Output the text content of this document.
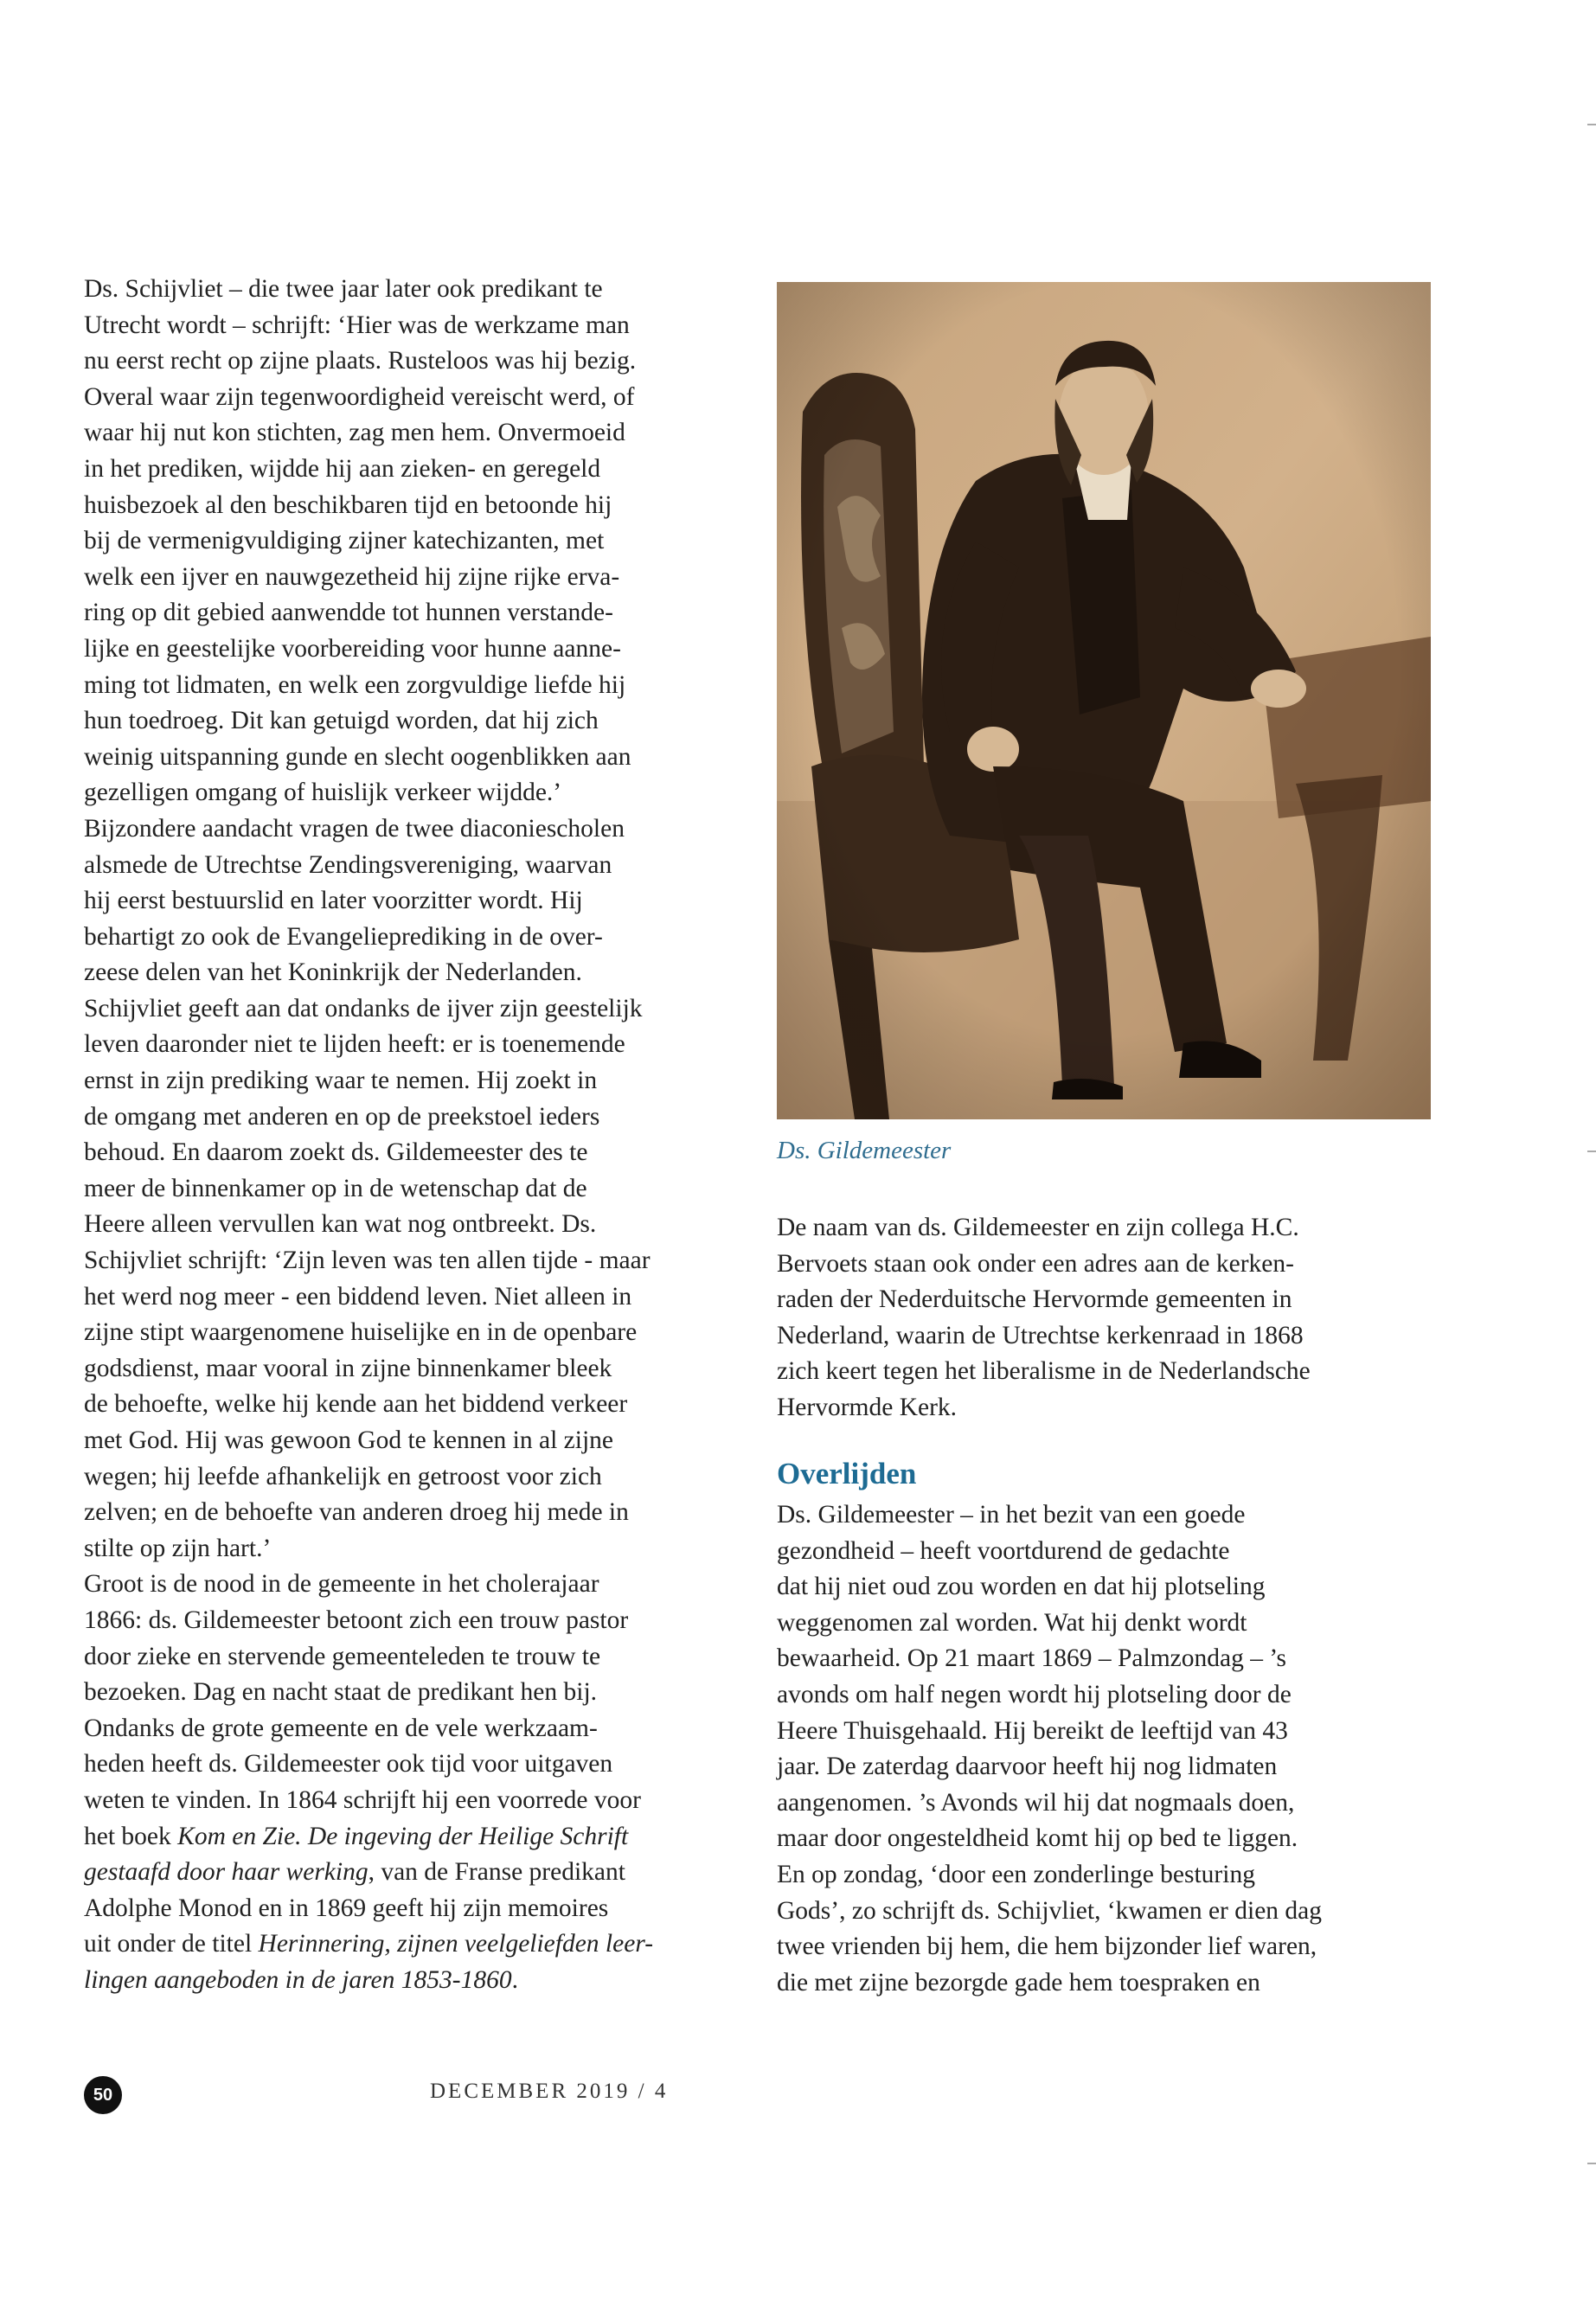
Ds. Schijvliet – die twee jaar later ook predikant te
Utrecht wordt – schrijft: ‘Hier was de werkzame man
nu eerst recht op zijne plaats. Rusteloos was hij bezig.
Overal waar zijn tegenwoordigheid vereischt werd, of
waar hij nut kon stichten, zag men hem. Onvermoeid
in het prediken, wijdde hij aan zieken- en geregeld
huisbezoek al den beschikbaren tijd en betoonde hij
bij de vermenigvuldiging zijner katechizanten, met
welk een ijver en nauwgezetheid hij zijne rijke erva-
ring op dit gebied aanwendde tot hunnen verstande-
lijke en geestelijke voorbereiding voor hunne aanne-
ming tot lidmaten, en welk een zorgvuldige liefde hij
hun toedroeg. Dit kan getuigd worden, dat hij zich
weinig uitspanning gunde en slecht oogenblikken aan
gezelligen omgang of huislijk verkeer wijdde.’
Bijzondere aandacht vragen de twee diaconiescholen
alsmede de Utrechtse Zendingsvereniging, waarvan
hij eerst bestuurslid en later voorzitter wordt. Hij
behartigt zo ook de Evangelieprediking in de over-
zeese delen van het Koninkrijk der Nederlanden.
Schijvliet geeft aan dat ondanks de ijver zijn geestelijk
leven daaronder niet te lijden heeft: er is toenemende
ernst in zijn prediking waar te nemen. Hij zoekt in
de omgang met anderen en op de preekstoel ieders
behoud. En daarom zoekt ds. Gildemeester des te
meer de binnenkamer op in de wetenschap dat de
Heere alleen vervullen kan wat nog ontbreekt. Ds.
Schijvliet schrijft: ‘Zijn leven was ten allen tijde - maar
het werd nog meer - een biddend leven. Niet alleen in
zijne stipt waargenomene huiselijke en in de openbare
godsdienst, maar vooral in zijne binnenkamer bleek
de behoefte, welke hij kende aan het biddend verkeer
met God. Hij was gewoon God te kennen in al zijne
wegen; hij leefde afhankelijk en getroost voor zich
zelven; en de behoefte van anderen droeg hij mede in
stilte op zijn hart.’
Groot is de nood in de gemeente in het cholerajaar
1866: ds. Gildemeester betoont zich een trouw pastor
door zieke en stervende gemeenteleden te trouw te
bezoeken. Dag en nacht staat de predikant hen bij.
Ondanks de grote gemeente en de vele werkzaam-
heden heeft ds. Gildemeester ook tijd voor uitgaven
weten te vinden. In 1864 schrijft hij een voorrede voor
het boek Kom en Zie. De ingeving der Heilige Schrift
gestaafd door haar werking, van de Franse predikant
Adolphe Monod en in 1869 geeft hij zijn memoires
uit onder de titel Herinnering, zijnen veelgeliefden leer-
lingen aangeboden in de jaren 1853-1860.
Ds. Gildemeester
De naam van ds. Gildemeester en zijn collega H.C.
Bervoets staan ook onder een adres aan de kerken-
raden der Nederduitsche Hervormde gemeenten in
Nederland, waarin de Utrechtse kerkenraad in 1868
zich keert tegen het liberalisme in de Nederlandsche
Hervormde Kerk.
Overlijden
Ds. Gildemeester – in het bezit van een goede
gezondheid – heeft voortdurend de gedachte
dat hij niet oud zou worden en dat hij plotseling
weggenomen zal worden. Wat hij denkt wordt
bewaarheid. Op 21 maart 1869 – Palmzondag – ’s
avonds om half negen wordt hij plotseling door de
Heere Thuisgehaald. Hij bereikt de leeftijd van 43
jaar. De zaterdag daarvoor heeft hij nog lidmaten
aangenomen. ’s Avonds wil hij dat nogmaals doen,
maar door ongesteldheid komt hij op bed te liggen.
En op zondag, ‘door een zonderlinge besturing
Gods’, zo schrijft ds. Schijvliet, ‘kwamen er dien dag
twee vrienden bij hem, die hem bijzonder lief waren,
die met zijne bezorgde gade hem toespraken en
50	DECEMBER 2019 / 4
